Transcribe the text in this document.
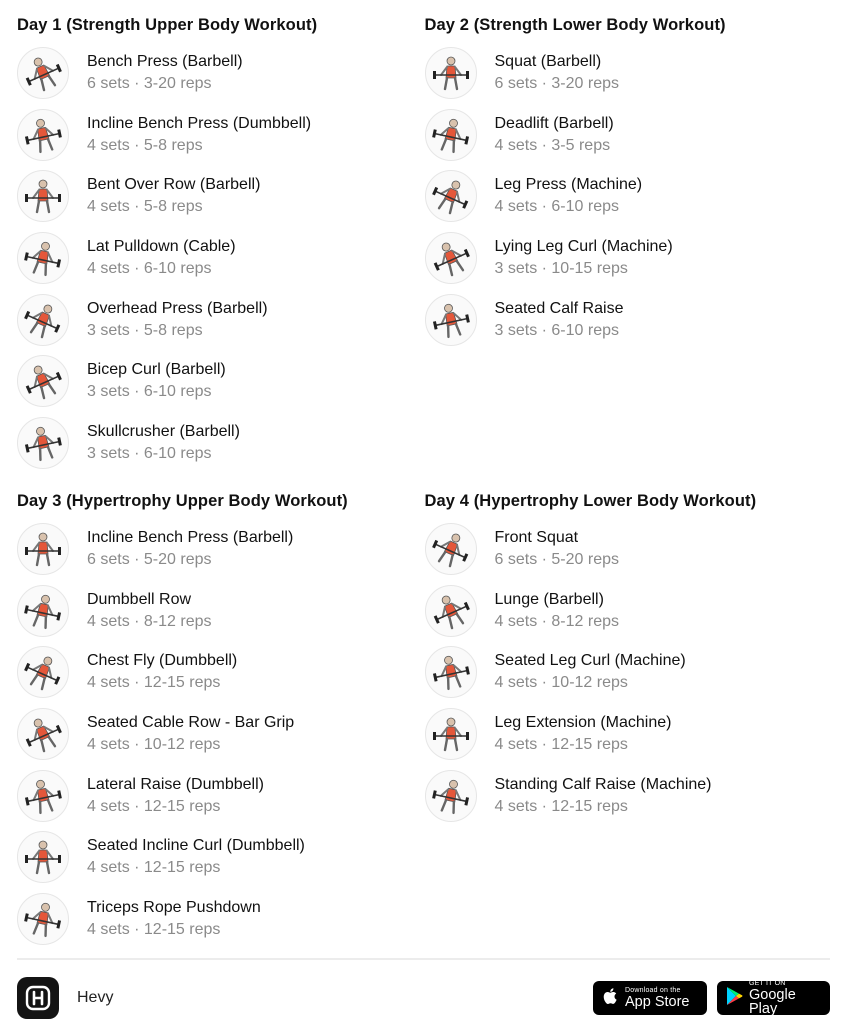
Day 1 (Strength Upper Body Workout)
Bench Press (Barbell)
6 sets · 3-20 reps
Incline Bench Press (Dumbbell)
4 sets · 5-8 reps
Bent Over Row (Barbell)
4 sets · 5-8 reps
Lat Pulldown (Cable)
4 sets · 6-10 reps
Overhead Press (Barbell)
3 sets · 5-8 reps
Bicep Curl (Barbell)
3 sets · 6-10 reps
Skullcrusher (Barbell)
3 sets · 6-10 reps
Day 2 (Strength Lower Body Workout)
Squat (Barbell)
6 sets · 3-20 reps
Deadlift (Barbell)
4 sets · 3-5 reps
Leg Press (Machine)
4 sets · 6-10 reps
Lying Leg Curl (Machine)
3 sets · 10-15 reps
Seated Calf Raise
3 sets · 6-10 reps
Day 3 (Hypertrophy Upper Body Workout)
Incline Bench Press (Barbell)
6 sets · 5-20 reps
Dumbbell Row
4 sets · 8-12 reps
Chest Fly (Dumbbell)
4 sets · 12-15 reps
Seated Cable Row - Bar Grip
4 sets · 10-12 reps
Lateral Raise (Dumbbell)
4 sets · 12-15 reps
Seated Incline Curl (Dumbbell)
4 sets · 12-15 reps
Triceps Rope Pushdown
4 sets · 12-15 reps
Day 4 (Hypertrophy Lower Body Workout)
Front Squat
6 sets · 5-20 reps
Lunge (Barbell)
4 sets · 8-12 reps
Seated Leg Curl (Machine)
4 sets · 10-12 reps
Leg Extension (Machine)
4 sets · 12-15 reps
Standing Calf Raise (Machine)
4 sets · 12-15 reps
Hevy	Download on the
App Store
GET IT ON
Google Play
